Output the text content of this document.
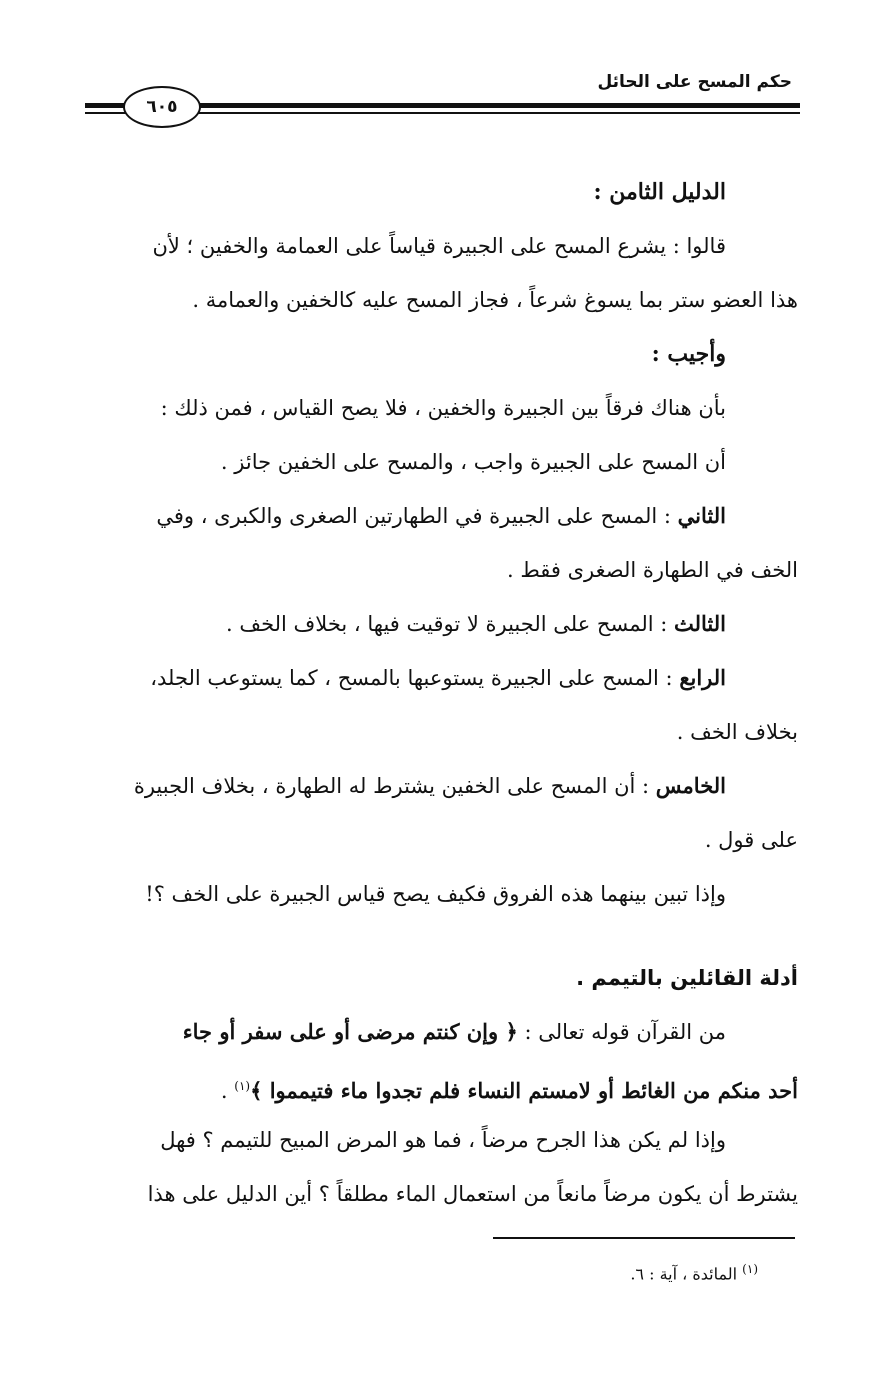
حكم المسح على الحائل
٦٠٥
الدليل الثامن :
قالوا : يشرع المسح على الجبيرة قياساً على العمامة والخفين ؛ لأن
هذا العضو ستر بما يسوغ شرعاً ، فجاز المسح عليه كالخفين والعمامة .
وأجيب :
بأن هناك فرقاً بين الجبيرة والخفين ، فلا يصح القياس ، فمن ذلك :
أن المسح على الجبيرة واجب ، والمسح على الخفين جائز .
الثاني : المسح على الجبيرة في الطهارتين الصغرى والكبرى ، وفي
الخف في الطهارة الصغرى فقط .
الثالث : المسح على الجبيرة لا توقيت فيها ، بخلاف الخف .
الرابع : المسح على الجبيرة يستوعبها بالمسح ، كما يستوعب الجلد،
بخلاف الخف .
الخامس : أن المسح على الخفين يشترط له الطهارة ، بخلاف الجبيرة
على قول .
وإذا تبين بينهما هذه الفروق فكيف يصح قياس الجبيرة على الخف ؟!
أدلة القائلين بالتيمم .
من القرآن قوله تعالى : ﴿ وإن كنتم مرضى أو على سفر أو جاء
أحد منكم من الغائط أو لامستم النساء فلم تجدوا ماء فتيمموا ﴾$^{(١)}$ .
وإذا لم يكن هذا الجرح مرضاً ، فما هو المرض المبيح للتيمم ؟ فهل
يشترط أن يكون مرضاً مانعاً من استعمال الماء مطلقاً ؟ أين الدليل على هذا
$^{(١)}$ المائدة ، آية : ٦.
